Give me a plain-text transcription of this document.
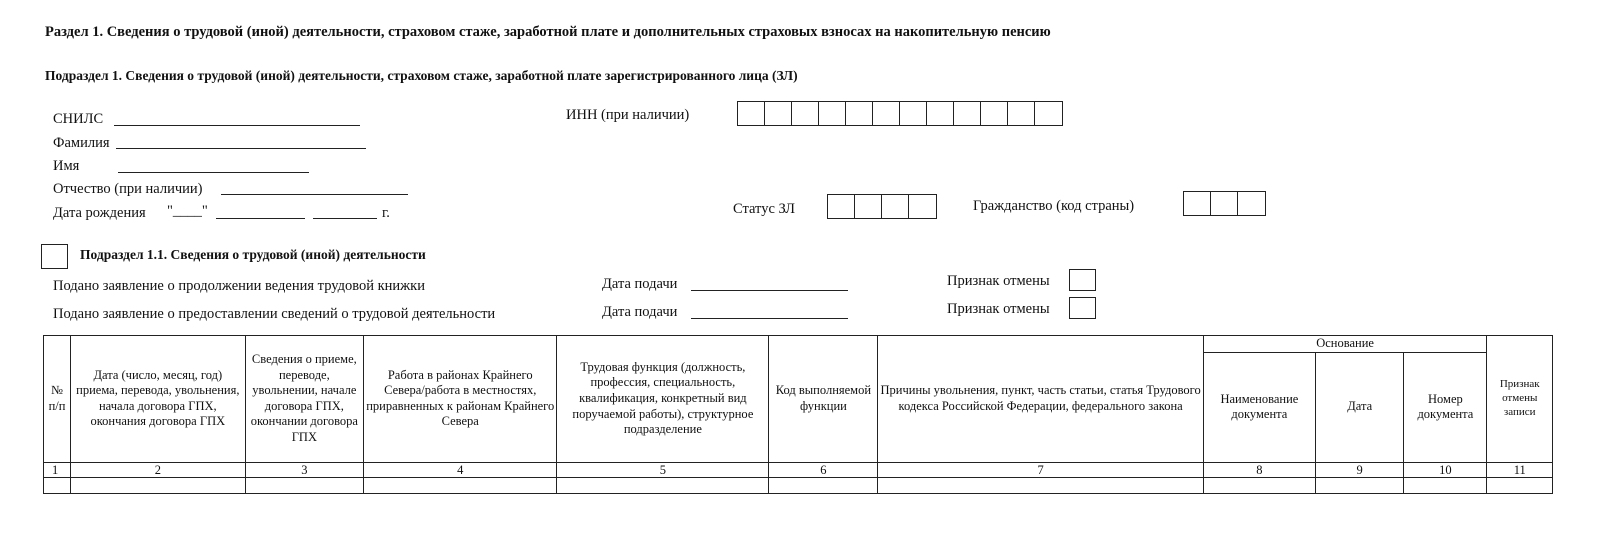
Раздел 1. Сведения о трудовой (иной) деятельности, страховом стаже, заработной плате и дополнительных страховых взносах на накопительную пенсию
Подраздел 1. Сведения о трудовой (иной) деятельности, страховом стаже, заработной плате зарегистрированного лица (ЗЛ)
СНИЛС
Фамилия
Имя
Отчество (при наличии)
Дата рождения "____"	г.
ИНН (при наличии)
Статус ЗЛ	Гражданство (код страны)
Подраздел 1.1. Сведения о трудовой (иной) деятельности
Подано заявление о продолжении ведения трудовой книжки	Дата подачи	Признак отмены
Подано заявление о предоставлении сведений о трудовой деятельности	Дата подачи	Признак отмены
№ п/п	Дата (число, месяц, год) приема, перевода, увольнения, начала договора ГПХ, окончания договора ГПХ	Сведения о приеме, переводе, увольнении, начале договора ГПХ, окончании договора ГПХ	Работа в районах Крайнего Севера/работа в местностях, приравненных к районам Крайнего Севера	Трудовая функция (должность, профессия, специальность, квалификация, конкретный вид поручаемой работы), структурное подразделение	Код выполняемой функции	Причины увольнения, пункт, часть статьи, статья Трудового кодекса Российской Федерации, федерального закона	Основание			Признак отмены записи
							Наименование документа	Дата	Номер документа	
1	2	3	4	5	6	7	8	9	10	11
